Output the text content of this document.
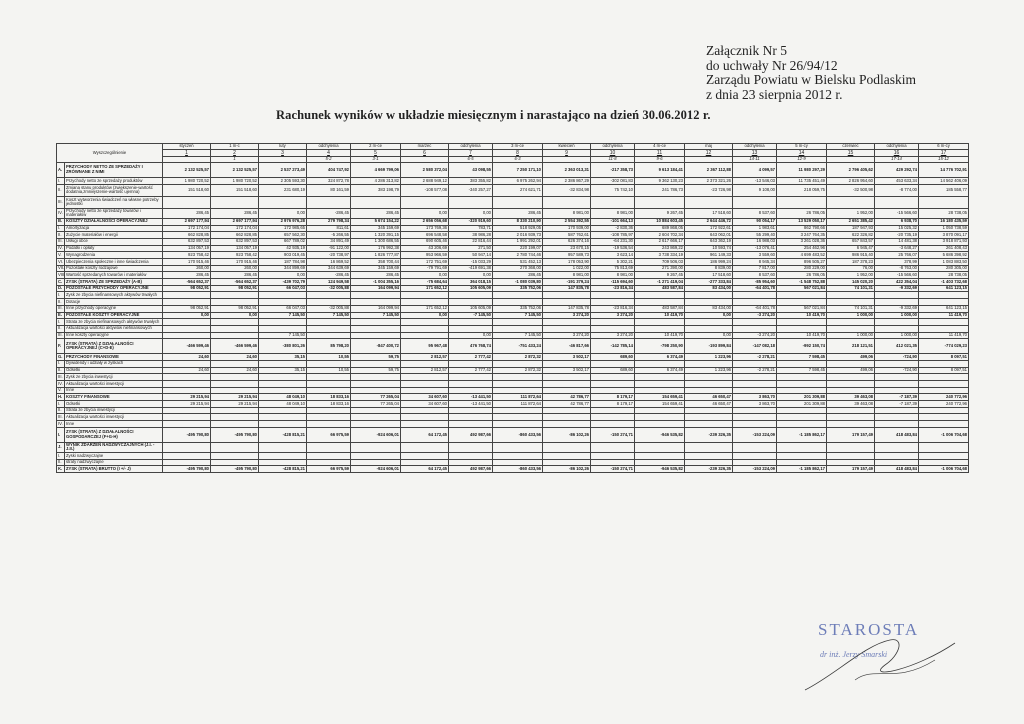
Załącznik Nr 5
do uchwały Nr 26/94/12
Zarządu Powiatu w Bielsku Podlaskim
z dnia 23 sierpnia 2012 r.
Rachunek wyników w układzie miesięcznym i narastająco na dzień 30.06.2012 r.
Wyszczególnienie		styczeń	1 m-c	luty	odchylenia	2 m-ce	marzec	odchylenia	3 m-ce	kwiecień	odchylenia	4 m-ce	maj	odchylenia	5 m-cy	czerwiec	odchylenia	6 m-cy
		1	2	3	4	5	6	7	8	9	10	11	12	13	14	15	16	17
			1		5-2	3-1		6-5	6-3		11-8	9-6		14-11	12-9		17-14	15-12
A.	PRZYCHODY NETTO ZE SPRZEDAŻY I ZRÓWNANE Z NIMI	2 132 525,57	2 132 525,57	2 537 273,49	404 747,92	4 669 799,06	2 580 372,04	43 098,55	7 250 171,10	2 363 013,31	-217 358,73	9 613 184,41	2 367 112,88	4 099,57	11 980 297,29	2 796 405,62	429 292,74	14 776 702,91
I.	Przychody netto ze sprzedaży produktów	1 980 720,52	1 980 720,52	2 305 593,30	324 872,78	4 286 313,82	2 688 949,12	383 355,82	6 975 262,94	2 386 867,29	-302 081,83	9 362 130,23	2 373 321,26	-13 546,03	11 735 451,49	2 826 954,60	453 633,34	14 562 406,09
II.	Zmiana stanu produktów (zwiększenie-wartość dodatnia,zmniejszenie-wartość ujemna)	151 518,60	151 518,60	231 680,19	80 161,59	383 198,79	-108 577,08	-340 257,27	274 621,71	-32 834,98	75 742,10	241 786,73	-23 726,98	9 108,00	218 059,75	-32 500,98	-8 774,00	185 558,77
III.	Koszt wytworzenia świadczeń na własne potrzeby jednostki																	
IV.	Przychody netto ze sprzedaży towarów i materiałów	286,45	286,45	0,00	-286,45	286,45	0,00	0,00	286,45	8 981,00	8 981,00	9 267,45	17 518,60	8 537,60	26 786,05	1 952,00	-15 566,60	28 738,05
B.	KOSZTY DZIAŁALNOŚCI OPERACYJNEJ	2 697 177,94	2 697 177,94	2 976 976,28	279 798,34	5 674 154,22	2 656 056,68	-320 919,60	8 330 210,90	2 554 392,55	-101 664,13	10 884 603,45	2 644 446,72	90 054,17	13 529 050,17	2 651 385,42	6 938,70	16 180 435,59
I.	Amortyzacja	172 174,04	172 174,04	172 985,65	811,61	345 159,69	173 769,36	783,71	518 929,05	170 939,00	-2 830,36	689 868,05	172 922,61	1 983,61	862 790,66	187 947,93	15 025,32	1 050 738,59
II.	Zużycie materiałów i energii	662 828,85	662 828,85	657 562,30	-5 266,55	1 320 391,15	696 548,58	38 986,28	2 016 939,73	587 762,61	-108 785,97	2 604 702,34	643 062,01	55 299,40	3 247 764,35	622 326,82	-20 735,19	3 870 091,17
III.	Usługi obce	632 897,53	632 897,53	667 789,02	34 891,49	1 300 686,55	690 605,46	22 816,44	1 991 292,01	626 374,16	-64 231,30	2 617 666,17	643 362,19	16 988,03	3 261 028,36	657 843,57	14 481,38	3 918 871,93
IV.	Podatki i opłaty	134 057,19	134 057,19	42 935,19	-91 122,00	176 992,38	43 206,69	271,50	220 199,07	23 670,15	-19 536,54	243 869,22	10 593,74	-13 076,41	254 462,96	6 945,47	-3 648,27	261 408,43
V.	Wynagrodzenia	923 758,42	923 758,42	903 019,45	-20 738,97	1 826 777,87	953 966,59	50 947,14	2 780 744,46	957 589,73	3 623,14	3 738 334,19	961 149,33	3 559,60	4 699 483,52	986 915,40	25 766,07	5 686 398,92
VI.	Ubezpieczenia społeczne i inne świadczenia	170 915,46	170 915,46	187 784,98	16 869,52	358 700,44	172 751,69	-15 033,29	531 452,13	178 053,90	5 302,21	709 506,03	186 999,24	8 945,34	896 505,27	187 378,23	378,99	1 083 883,50
VII.	Pozostałe koszty rodzajowe	260,00	260,00	344 899,69	344 639,69	345 159,69	-79 791,69	-419 691,38	270 368,00	1 022,00	75 813,69	271 390,00	8 839,00	7 817,00	280 229,00	76,00	-8 763,00	280 305,00
VIII.	Wartość sprzedanych towarów i materiałów	286,45	286,45	0,00	-286,45	286,45	0,00	0,00	286,45	8 981,00	8 981,00	9 267,45	17 518,60	8 537,60	26 786,05	1 952,00	-15 566,60	28 738,05
C.	ZYSK (STRATA) ZE SPRZEDAŻY (A-B)	-564 652,37	-564 652,37	-439 702,79	124 949,58	-1 004 355,16	-75 684,64	364 018,15	-1 080 039,80	-191 379,24	-115 694,60	-1 271 419,04	-277 333,84	-85 954,60	-1 548 752,88	145 020,20	422 354,04	-1 403 732,68
D.	POZOSTAŁE PRZYCHODY OPERACYJNE	98 052,91	98 052,91	66 047,03	-32 005,88	164 099,94	171 652,12	105 605,09	335 752,06	147 835,78	-23 816,34	483 587,84	83 434,00	-64 401,78	567 021,84	74 101,31	-9 332,69	641 123,15
I.	Zysk ze zbycia niefinansowych aktywów trwałych																	
II.	Dotacje																	
III.	Inne przychody operacyjne	98 052,91	98 052,91	66 047,03	-32 005,88	164 099,94	171 652,12	105 605,09	335 752,06	147 835,78	-23 816,34	483 587,84	83 434,00	-64 401,78	567 021,84	74 101,31	-9 332,69	641 123,15
E.	POZOSTAŁE KOSZTY OPERACYJNE	0,00	0,00	7 145,50	7 145,50	7 145,50	0,00	-7 145,50	7 145,50	3 274,20	3 274,20	10 419,70	0,00	-3 274,20	10 419,70	1 000,00	1 000,00	11 419,70
I.	Strata ze zbycia niefinansowych aktywów trwałych																	
II.	Aktualizacja wartości aktywów niefinansowych																	
III.	Inne koszty operacyjne			7 145,50				0,00	7 145,50	3 274,20	3 274,20	10 419,70	0,00	-3 274,20	10 419,70	1 000,00	1 000,00	11 419,70
F.	ZYSK (STRATA) Z DZIAŁALNOŚCI OPERACYJNEJ (C+D-E)	-466 599,46	-466 599,46	-380 801,26	85 798,20	-847 400,72	95 967,48	476 768,74	-751 433,24	-46 817,66	-142 785,14	-798 250,90	-193 899,84	-147 082,18	-992 150,74	218 121,51	412 021,35	-774 029,23
G.	PRZYCHODY FINANSOWE	24,60	24,60	35,15	10,55	59,75	2 812,57	2 777,42	2 872,32	3 502,17	689,60	6 374,49	1 223,96	-2 278,21	7 598,45	499,06	-724,90	8 097,51
I.	Dywidendy i udziały w zyskach																	
II.	Odsetki	24,60	24,60	35,15	10,55	59,75	2 812,57	2 777,42	2 872,32	3 502,17	689,60	6 374,49	1 223,96	-2 278,21	7 598,45	499,06	-724,90	8 097,51
III.	Zysk ze zbycia inwestycji																	
IV.	Aktualizacja wartości inwestycji																	
V.	Inne																	
H.	KOSZTY FINANSOWE	29 215,94	29 215,94	48 049,10	18 833,16	77 265,04	34 607,60	-13 441,50	111 872,64	42 786,77	8 179,17	154 659,41	46 650,47	3 863,70	201 309,88	39 463,08	-7 187,39	240 772,96
I.	Odsetki	29 215,94	29 215,94	48 049,10	18 833,16	77 265,04	34 607,60	-13 441,50	111 872,64	42 786,77	8 179,17	154 659,41	46 650,47	3 863,70	201 309,88	39 463,08	-7 187,39	240 772,96
II.	Strata ze zbycia inwestycji																	
III.	Aktualizacja wartości inwestycji																	
IV.	Inne																	
I.	ZYSK (STRATA) Z DZIAŁALNOŚCI GOSPODARCZEJ (F+G-H)	-495 790,80	-495 790,80	-428 815,21	66 975,59	-924 606,01	64 172,45	492 987,66	-860 433,56	-86 102,26	-150 274,71	-946 535,82	-239 326,35	-153 224,09	-1 185 862,17	179 157,49	418 483,84	-1 006 704,68
J.	WYNIK ZDARZEŃ NADZWYCZAJNYCH (J.I. - J.II.)																	
I.	Zyski nadzwyczajne																	
II.	straty nadzwyczajne																	
K.	ZYSK (STRATA) BRUTTO (I +/- J)	-495 790,80	-495 790,80	-428 815,21	66 975,59	-924 606,01	64 172,45	492 987,66	-860 433,56	-86 102,26	-150 274,71	-946 535,82	-239 326,35	-153 224,09	-1 185 862,17	179 157,49	418 483,84	-1 006 704,68
STAROSTA
dr inż. Jerzy Smarski
